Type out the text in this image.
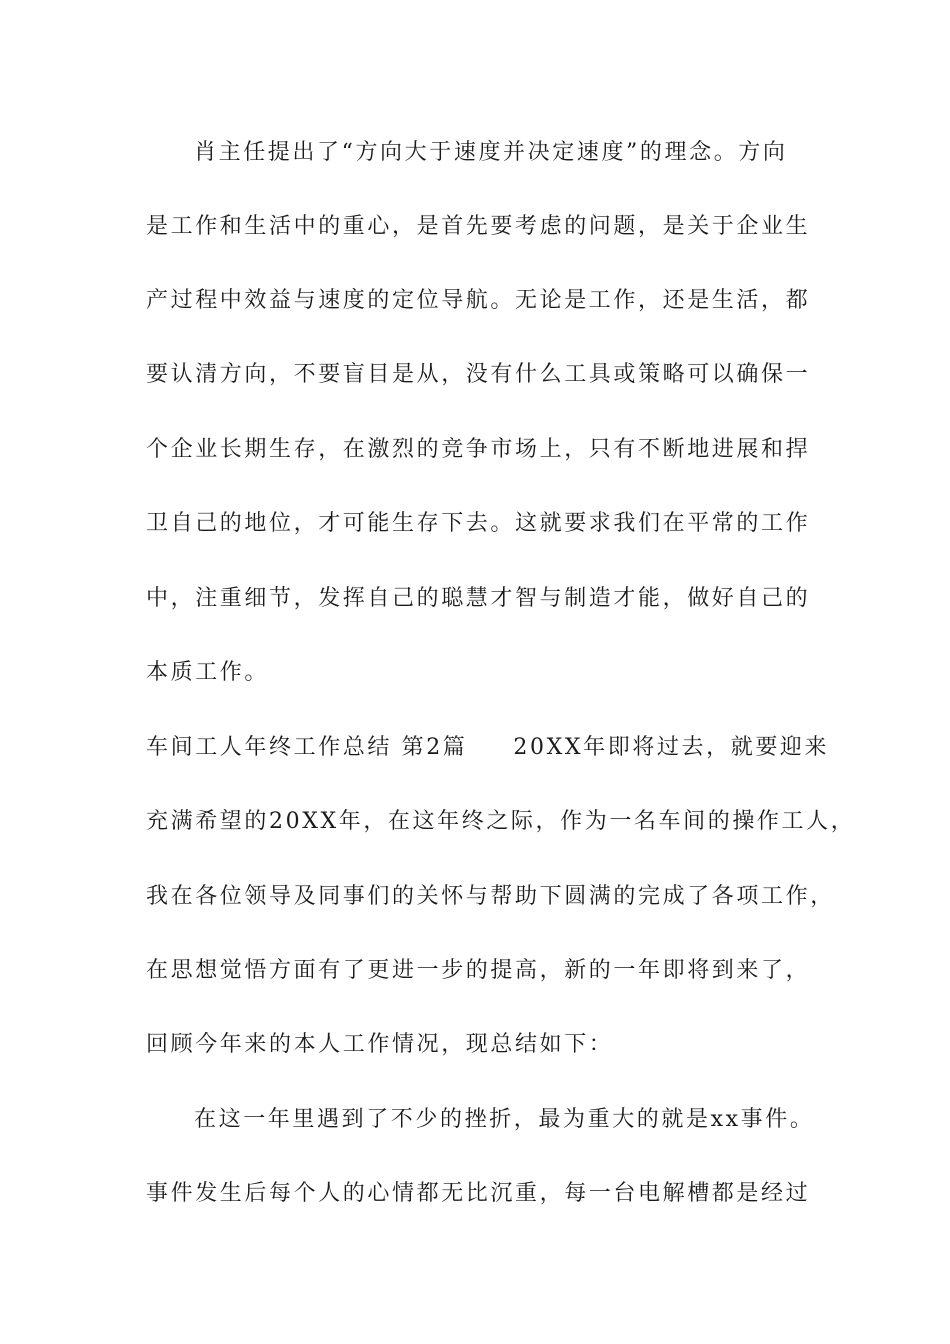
肖主任提出了“方向大于速度并决定速度”的理念。方向
是工作和生活中的重心，是首先要考虑的问题，是关于企业生
产过程中效益与速度的定位导航。无论是工作，还是生活，都
要认清方向，不要盲目是从，没有什么工具或策略可以确保一
个企业长期生存，在激烈的竞争市场上，只有不断地进展和捍
卫自己的地位，才可能生存下去。这就要求我们在平常的工作
中，注重细节，发挥自己的聪慧才智与制造才能，做好自己的
本质工作。
车间工人年终工作总结 第2篇 20XX年即将过去，就要迎来
充满希望的20XX年，在这年终之际，作为一名车间的操作工人，
我在各位领导及同事们的关怀与帮助下圆满的完成了各项工作，
在思想觉悟方面有了更进一步的提高，新的一年即将到来了，
回顾今年来的本人工作情况，现总结如下：
在这一年里遇到了不少的挫折，最为重大的就是xx事件。
事件发生后每个人的心情都无比沉重，每一台电解槽都是经过
